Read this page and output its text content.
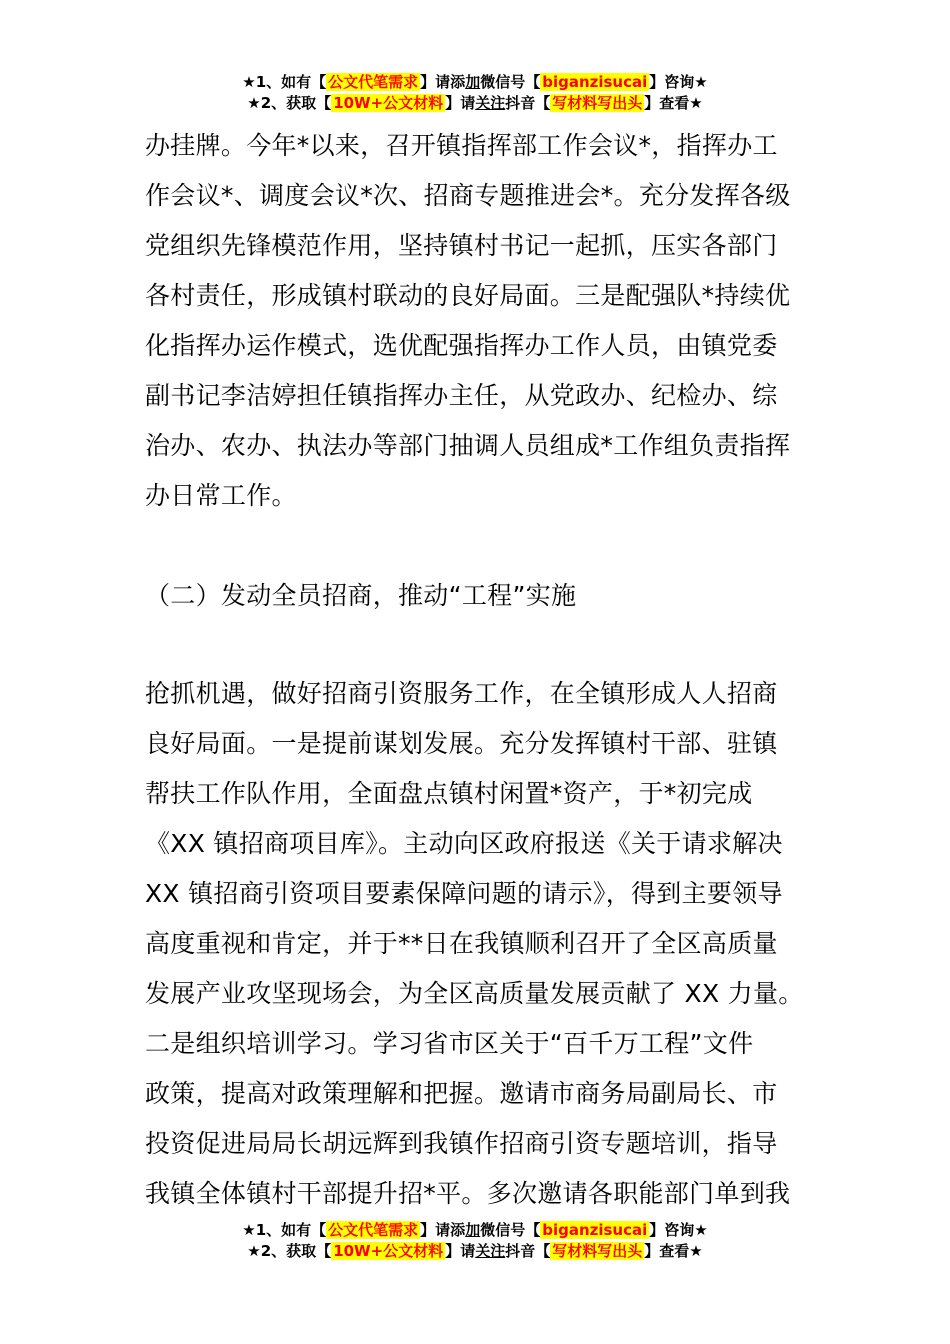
★1、如有【 公文代笔需求 】请添加微信号【 biganzisucai 】咨询★
★2、获取【 10W+公文材料 】请关注抖音【 写材料写出头 】查看★

办挂牌。今年*以来，召开镇指挥部工作会议*，指挥办工

作会议*、调度会议*次、招商专题推进会*。充分发挥各级

党组织先锋模范作用，坚持镇村书记一起抓，压实各部门

各村责任，形成镇村联动的良好局面。三是配强队*持续优

化指挥办运作模式，选优配强指挥办工作人员，由镇党委

副书记李洁婷担任镇指挥办主任，从党政办、纪检办、综

治办、农办、执法办等部门抽调人员组成*工作组负责指挥

办日常工作。

（二）发动全员招商，推动“工程”实施

抢抓机遇，做好招商引资服务工作，在全镇形成人人招商

良好局面。一是提前谋划发展。充分发挥镇村干部、驻镇

帮扶工作队作用，全面盘点镇村闲置*资产，于*初完成

《XX 镇招商项目库》。主动向区政府报送《关于请求解决

XX 镇招商引资项目要素保障问题的请示》，得到主要领导

高度重视和肯定，并于**日在我镇顺利召开了全区高质量

发展产业攻坚现场会，为全区高质量发展贡献了 XX 力量。

二是组织培训学习。学习省市区关于“百千万工程”文件

政策，提高对政策理解和把握。邀请市商务局副局长、市

投资促进局局长胡远辉到我镇作招商引资专题培训，指导

我镇全体镇村干部提升招*平。多次邀请各职能部门单到我

★1、如有【 公文代笔需求 】请添加微信号【 biganzisucai 】咨询★
★2、获取【 10W+公文材料 】请关注抖音【 写材料写出头 】查看★
